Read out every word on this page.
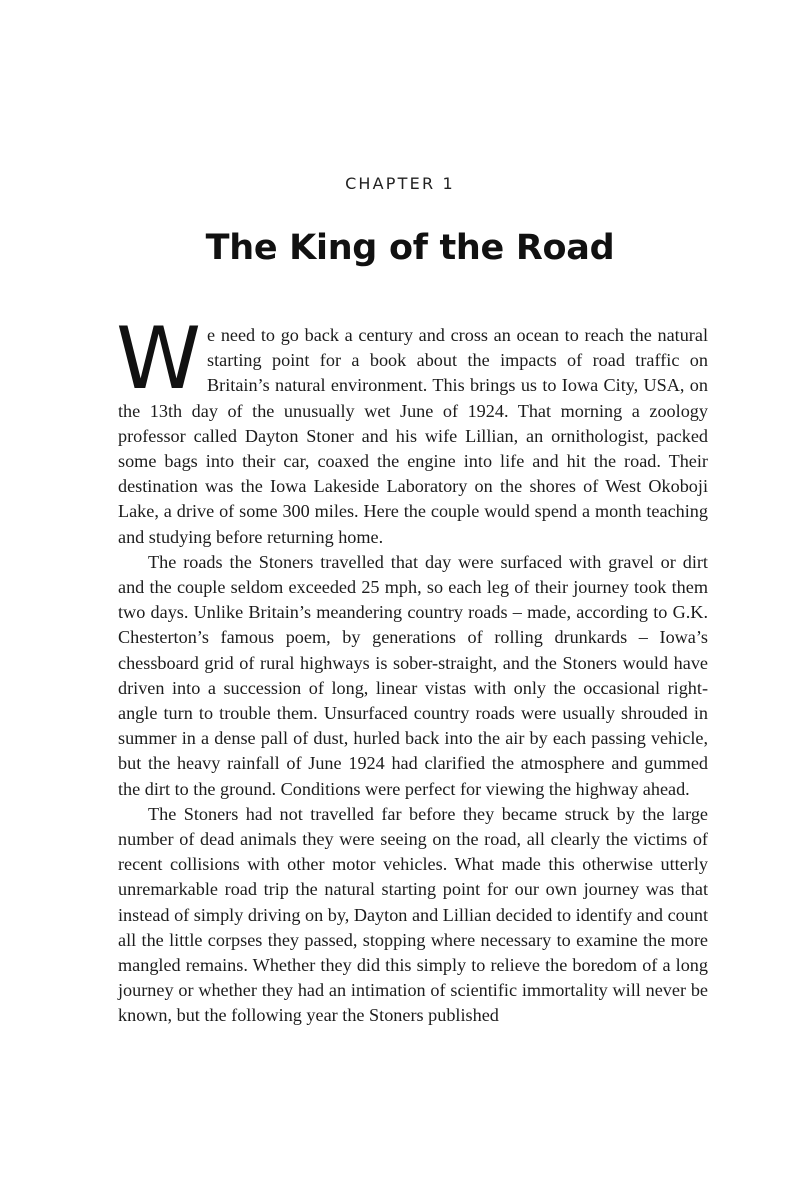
CHAPTER 1
The King of the Road

We need to go back a century and cross an ocean to reach the natural starting point for a book about the impacts of road traffic on Britain’s natural environment. This brings us to Iowa City, USA, on the 13th day of the unusually wet June of 1924. That morning a zoology professor called Dayton Stoner and his wife Lillian, an ornithologist, packed some bags into their car, coaxed the engine into life and hit the road. Their destination was the Iowa Lakeside Laboratory on the shores of West Okoboji Lake, a drive of some 300 miles. Here the couple would spend a month teaching and studying before returning home.

The roads the Stoners travelled that day were surfaced with gravel or dirt and the couple seldom exceeded 25 mph, so each leg of their journey took them two days. Unlike Britain’s meandering country roads – made, according to G.K. Chesterton’s famous poem, by generations of rolling drunkards – Iowa’s chessboard grid of rural highways is sober-straight, and the Stoners would have driven into a succession of long, linear vistas with only the occasional right-angle turn to trouble them. Unsurfaced country roads were usually shrouded in summer in a dense pall of dust, hurled back into the air by each passing vehicle, but the heavy rainfall of June 1924 had clarified the atmosphere and gummed the dirt to the ground. Conditions were perfect for viewing the highway ahead.

The Stoners had not travelled far before they became struck by the large number of dead animals they were seeing on the road, all clearly the victims of recent collisions with other motor vehicles. What made this otherwise utterly unremarkable road trip the natural starting point for our own journey was that instead of simply driving on by, Dayton and Lillian decided to identify and count all the little corpses they passed, stopping where necessary to examine the more mangled remains. Whether they did this simply to relieve the boredom of a long journey or whether they had an intimation of scientific immortality will never be known, but the following year the Stoners published
